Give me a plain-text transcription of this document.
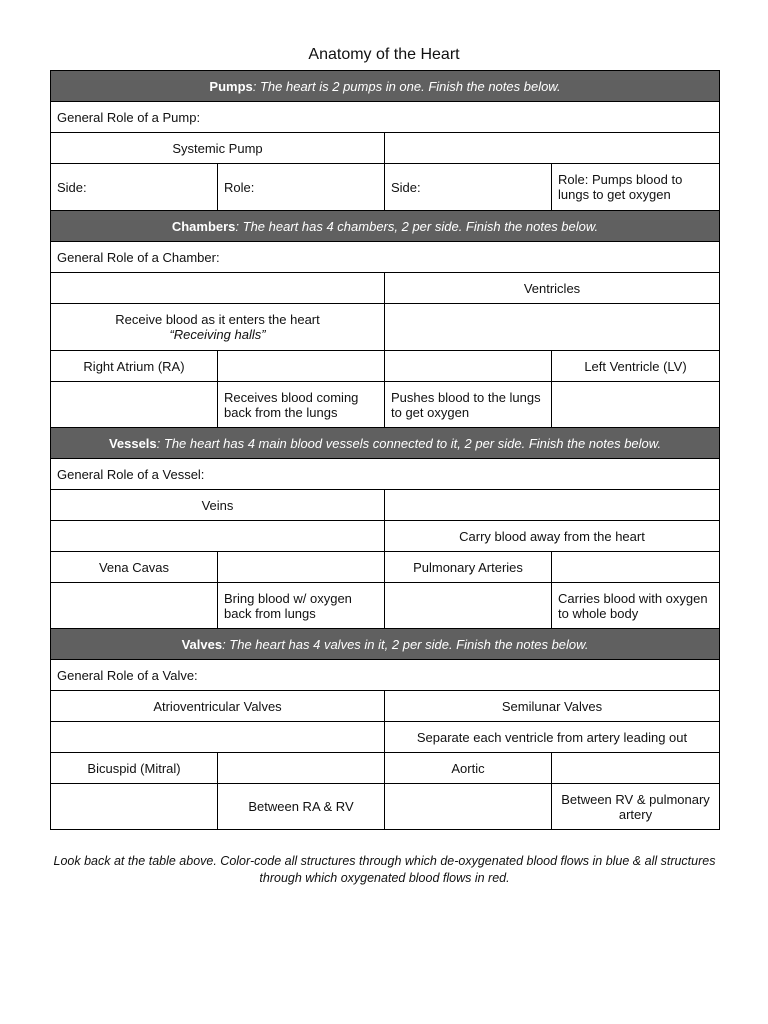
Anatomy of the Heart
Pumps: The heart is 2 pumps in one. Finish the notes below.			
General Role of a Pump:			
Systemic Pump			
Side:	Role:	Side:	Role: Pumps blood to lungs to get oxygen
Chambers: The heart has 4 chambers, 2 per side. Finish the notes below.			
General Role of a Chamber:			
		Ventricles	

Receive blood as it enters the heart
“Receiving halls”			

Right Atrium (RA)			Left Ventricle (LV)
	Receives blood coming back from the lungs	Pushes blood to the lungs to get oxygen	
Vessels: The heart has 4 main blood vessels connected to it, 2 per side. Finish the notes below.			
General Role of a Vessel:			
Veins			
		Carry blood away from the heart	
Vena Cavas		Pulmonary Arteries	
	Bring blood w/ oxygen back from lungs		Carries blood with oxygen to whole body
Valves: The heart has 4 valves in it, 2 per side. Finish the notes below.			
General Role of a Valve:			
Atrioventricular Valves		Semilunar Valves	
		Separate each ventricle from artery leading out	
Bicuspid (Mitral)		Aortic	
	Between RA & RV		Between RV & pulmonary artery
Look back at the table above. Color-code all structures through which de-oxygenated blood flows in blue & all structures through which oxygenated blood flows in red.
